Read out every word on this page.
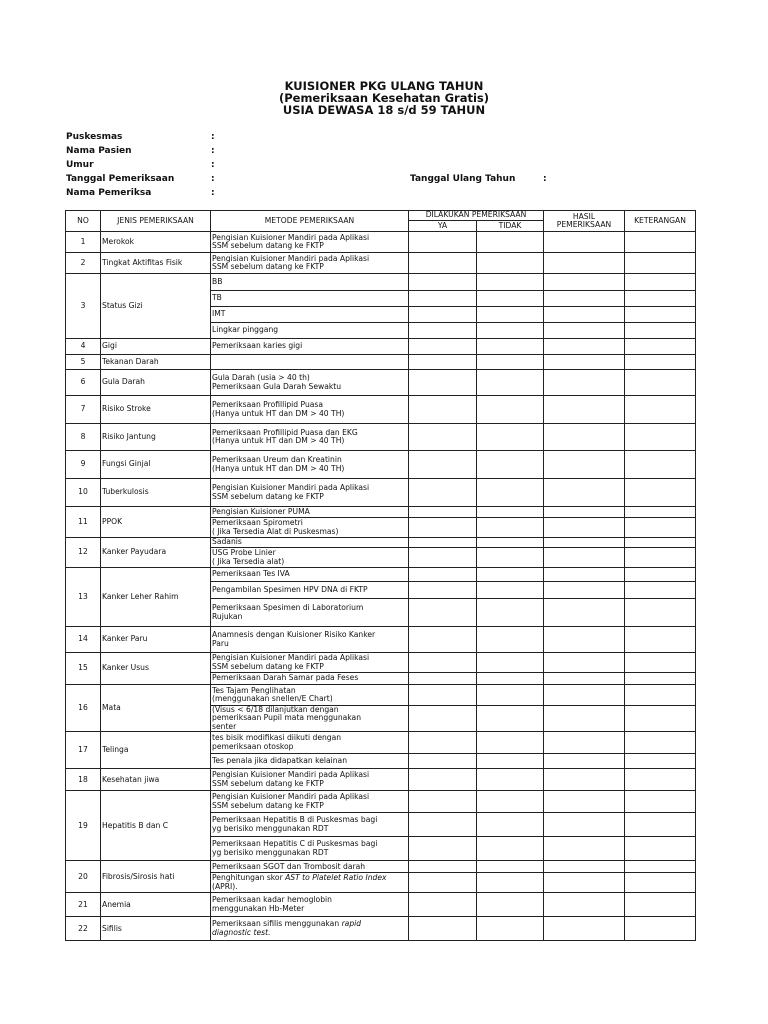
KUISIONER PKG ULANG TAHUN
(Pemeriksaan Kesehatan Gratis)
USIA DEWASA 18 s/d 59 TAHUN
Puskesmas	:
Nama Pasien	:
Umur	:
Tanggal Pemeriksaan	:	Tanggal Ulang Tahun	:
Nama Pemeriksa	:
NO	JENIS PEMERIKSAAN	METODE PEMERIKSAAN	DILAKUKAN PEMERIKSAAN		HASIL
PEMERIKSAAN	KETERANGAN
			YA	TIDAK		
1	Merokok	Pengisian Kuisioner Mandiri pada Aplikasi
SSM sebelum datang ke FKTP				
2	Tingkat Aktifitas Fisik	Pengisian Kuisioner Mandiri pada Aplikasi
SSM sebelum datang ke FKTP				
3	Status Gizi	BB				
		TB				
		IMT				
		Lingkar pinggang				
4	Gigi	Pemeriksaan karies gigi				
5	Tekanan Darah					
6	Gula Darah	Gula Darah (usia > 40 th)
Pemeriksaan Gula Darah Sewaktu				
7	Risiko Stroke	Pemeriksaan Profillipid Puasa
(Hanya untuk HT dan DM > 40 TH)				
8	Risiko Jantung	Pemeriksaan Profillipid Puasa dan EKG
(Hanya untuk HT dan DM > 40 TH)				
9	Fungsi Ginjal	Pemeriksaan Ureum dan Kreatinin
(Hanya untuk HT dan DM > 40 TH)				
10	Tuberkulosis	Pengisian Kuisioner Mandiri pada Aplikasi
SSM sebelum datang ke FKTP				
11	PPOK	Pengisian Kuisioner PUMA				
		Pemeriksaan Spirometri
( Jika Tersedia Alat di Puskesmas)				
12	Kanker Payudara	Sadanis				
		USG Probe Linier
( Jika Tersedia alat)				
13	Kanker Leher Rahim	Pemeriksaan Tes IVA				
		Pengambilan Spesimen HPV DNA di FKTP				
		Pemeriksaan Spesimen di Laboratorium
Rujukan				
14	Kanker Paru	Anamnesis dengan Kuisioner Risiko Kanker
Paru				
15	Kanker Usus	Pengisian Kuisioner Mandiri pada Aplikasi
SSM sebelum datang ke FKTP				
		Pemeriksaan Darah Samar pada Feses				
16	Mata	Tes Tajam Penglihatan
(menggunakan snellen/E Chart)				
		(Visus < 6/18 dilanjutkan dengan
pemeriksaan Pupil mata menggunakan
senter				
17	Telinga	tes bisik modifikasi diikuti dengan
pemeriksaan otoskop				
		Tes penala jika didapatkan kelainan				
18	Kesehatan jiwa	Pengisian Kuisioner Mandiri pada Aplikasi
SSM sebelum datang ke FKTP				
19	Hepatitis B dan C	Pengisian Kuisioner Mandiri pada Aplikasi
SSM sebelum datang ke FKTP				
		Pemeriksaan Hepatitis B di Puskesmas bagi
yg berisiko menggunakan RDT				
		Pemeriksaan Hepatitis C di Puskesmas bagi
yg berisiko menggunakan RDT				
20	Fibrosis/Sirosis hati	Pemeriksaan SGOT dan Trombosit darah				
		Penghitungan skor AST to Platelet Ratio Index
(APRI).				
21	Anemia	Pemeriksaan kadar hemoglobin
menggunakan Hb-Meter				
22	Sifilis	Pemeriksaan sifilis menggunakan rapid
diagnostic test.				
